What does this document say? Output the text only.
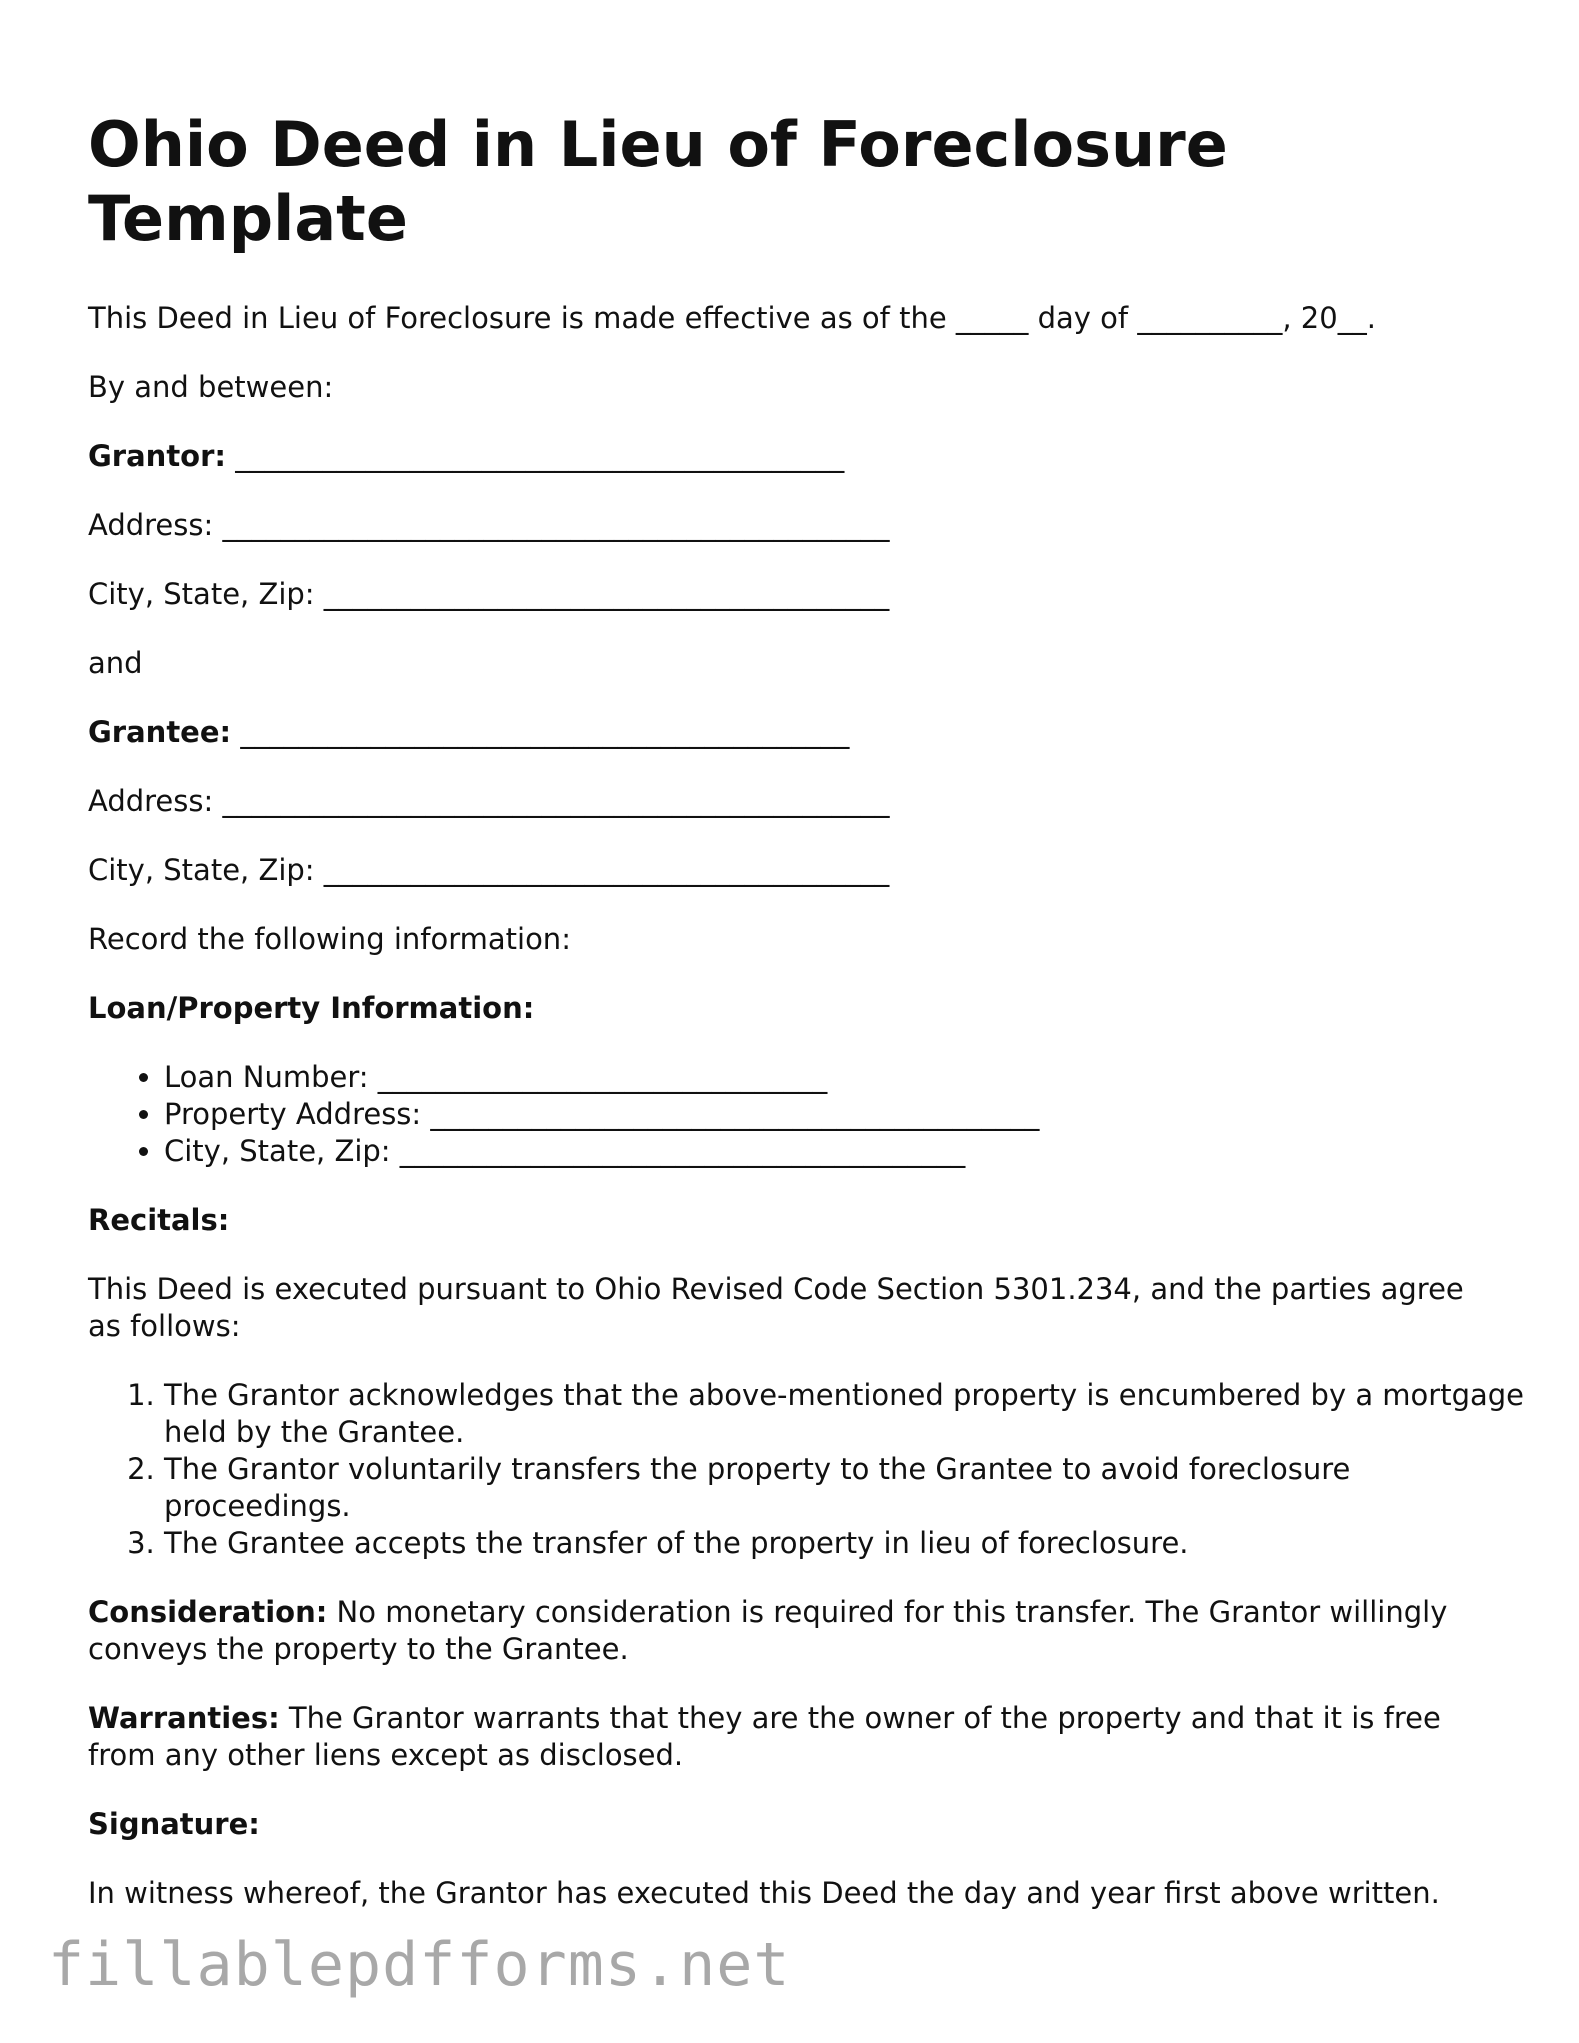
Ohio Deed in Lieu of Foreclosure Template

This Deed in Lieu of Foreclosure is made effective as of the _____ day of __________, 20__.

By and between:

Grantor: __________________________________________

Address: ______________________________________________

City, State, Zip: _______________________________________

and

Grantee: __________________________________________

Address: ______________________________________________

City, State, Zip: _______________________________________

Record the following information:

Loan/Property Information:

• Loan Number: _______________________________
• Property Address: __________________________________________
• City, State, Zip: _______________________________________

Recitals:

This Deed is executed pursuant to Ohio Revised Code Section 5301.234, and the parties agree as follows:

1. The Grantor acknowledges that the above-mentioned property is encumbered by a mortgage held by the Grantee.
2. The Grantor voluntarily transfers the property to the Grantee to avoid foreclosure proceedings.
3. The Grantee accepts the transfer of the property in lieu of foreclosure.

Consideration: No monetary consideration is required for this transfer. The Grantor willingly conveys the property to the Grantee.

Warranties: The Grantor warrants that they are the owner of the property and that it is free from any other liens except as disclosed.

Signature:

In witness whereof, the Grantor has executed this Deed the day and year first above written.

fillablepdfforms.net
